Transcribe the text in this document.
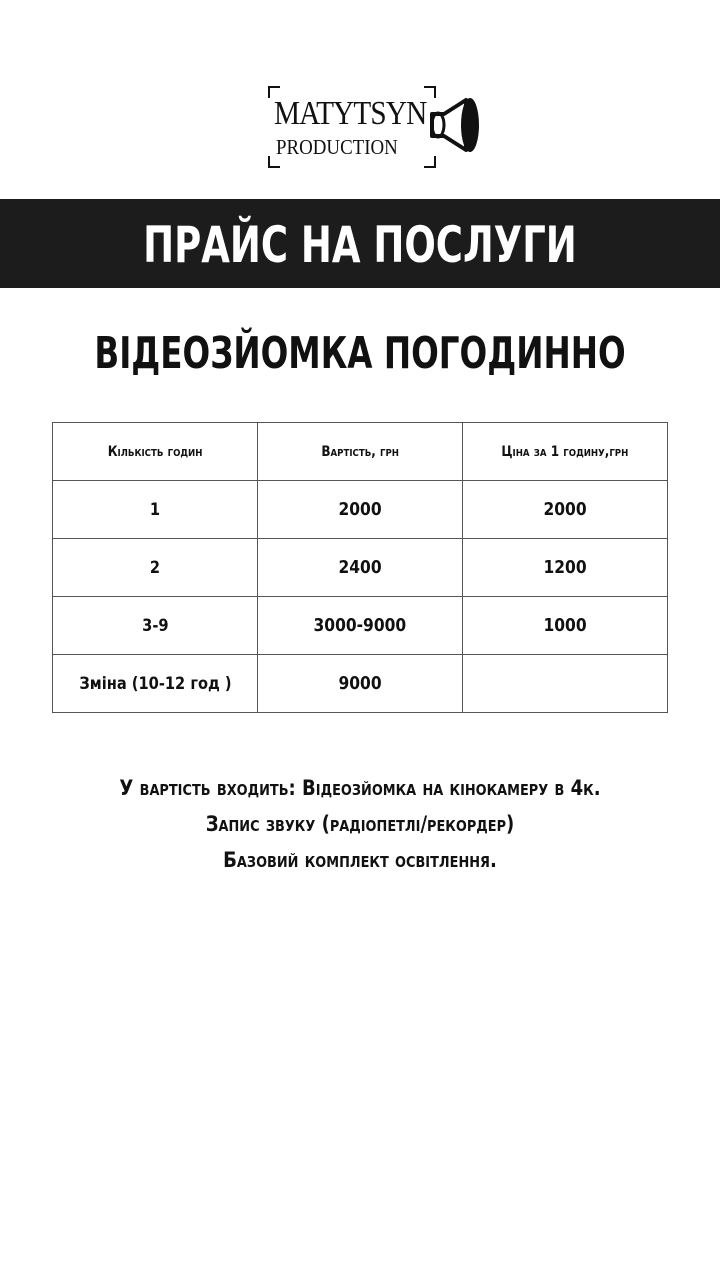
MATYTSYN
PRODUCTION
ПРАЙС НА ПОСЛУГИ
ВІДЕОЗЙОМКА ПОГОДИННО
Кількість годин	Вартість, грн	Ціна за 1 годину,грн
1	2000	2000
2	2400	1200
3-9	3000-9000	1000
Зміна (10-12 год )	9000	
У вартість входить: Відеозйомка на кінокамеру в 4к.
Запис звуку (радіопетлі/рекордер)
Базовий комплект освітлення.
